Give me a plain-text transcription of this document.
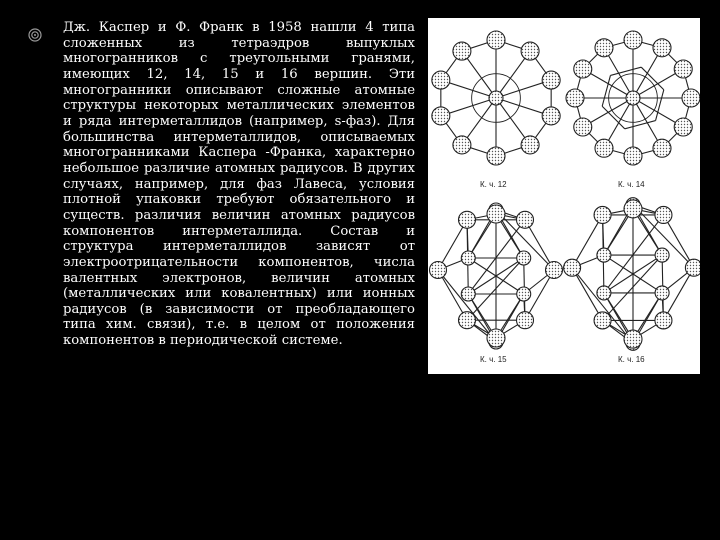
Дж. Каспер и Ф. Франк в 1958 нашли 4 типа сложенных из тетраэдров выпуклых многогранников с треугольными гранями, имеющих 12, 14, 15 и 16 вершин. Эти многогранники описывают сложные атомные структуры некоторых металлических элементов и ряда интерметаллидов (например, s-фаз). Для большинства интерметаллидов, описываемых многогранниками Каспера -Франка, характерно небольшое различие атомных радиусов. В других случаях, например, для фаз Лавеса, условия плотной упаковки требуют обязательного и существ. различия величин атомных радиусов компонентов интерметаллида. Состав и структура интерметаллидов зависят от электроотрицательности компонентов, числа валентных электронов, величин атомных (металлических или ковалентных) или ионных радиусов (в зависимости от преобладающего типа хим. связи), т.е. в целом от положения компонентов в периодической системе.

К. ч. 12	К. ч. 14
К. ч. 15	К. ч. 16
